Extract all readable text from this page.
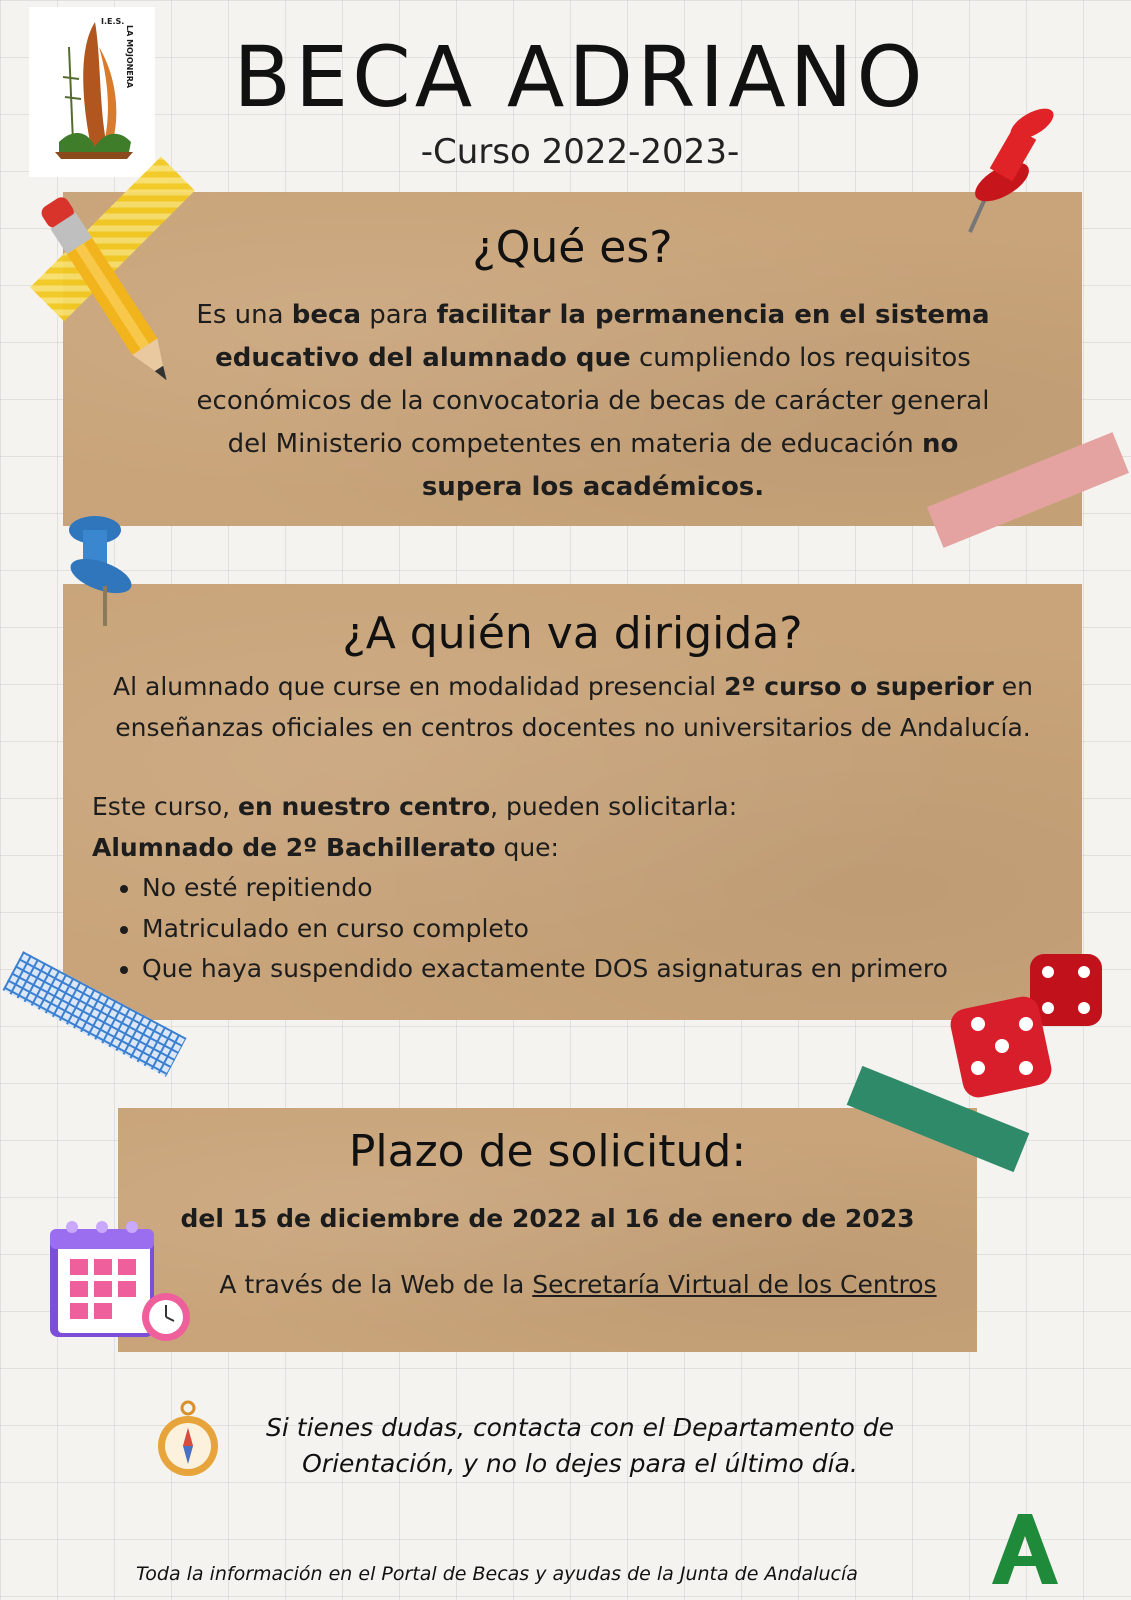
I.E.S.
LA MOJONERA	BECA ADRIANO
-Curso 2022-2023-
¿Qué es?
Es una beca para facilitar la permanencia en el sistema educativo del alumnado que cumpliendo los requisitos económicos de la convocatoria de becas de carácter general del Ministerio competentes en materia de educación no supera los académicos.
¿A quién va dirigida?
Al alumnado que curse en modalidad presencial 2º curso o superior en enseñanzas oficiales en centros docentes no universitarios de Andalucía.
Este curso, en nuestro centro, pueden solicitarla:
Alumnado de 2º Bachillerato que:
• No esté repitiendo
• Matriculado en curso completo
• Que haya suspendido exactamente DOS asignaturas en primero
Plazo de solicitud:
del 15 de diciembre de 2022 al 16 de enero de 2023
A través de la Web de la Secretaría Virtual de los Centros
Si tienes dudas, contacta con el Departamento de Orientación, y no lo dejes para el último día.
Toda la información en el Portal de Becas y ayudas de la Junta de Andalucía
